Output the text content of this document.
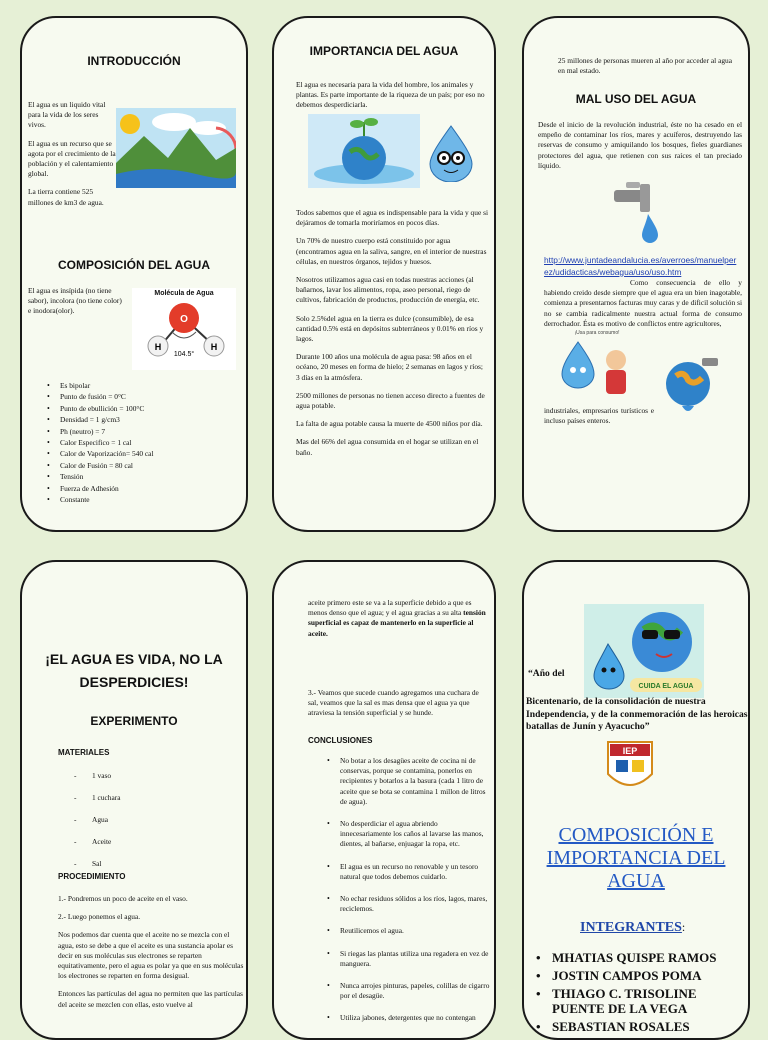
INTRODUCCIÓN
El agua es un liquido vital para la vida de los seres vivos.
El agua es un recurso que se agota por el crecimiento de la población y el calentamiento global.
La tierra contiene 525 millones de km3 de agua.
COMPOSICIÓN DEL AGUA
El agua es insípida (no tiene sabor), incolora (no tiene color) e inodora(olor).
Molécula de Agua
O
H	H
104.5°
• Es bipolar
• Punto de fusión = 0°C
• Punto de ebullición = 100°C
• Densidad = 1 g/cm3
• Ph (neutro) = 7
• Calor Especifico = 1 cal
• Calor de Vaporización= 540 cal
• Calor de Fusión = 80 cal
• Tensión
• Fuerza de Adhesión
• Constante
IMPORTANCIA DEL AGUA
El agua es necesaria para la vida del hombre, los animales y plantas. Es parte importante de la riqueza de un país; por eso no debemos desperdiciarla.
Todos sabemos que el agua es indispensable para la vida y que si dejáramos de tomarla moriríamos en pocos días.
Un 70% de nuestro cuerpo está constituido por agua (encontramos agua en la saliva, sangre, en el interior de nuestras células, en nuestros órganos, tejidos y huesos.
Nosotros utilizamos agua casi en todas nuestras acciones (al bañarnos, lavar los alimentos, ropa, aseo personal, riego de cultivos, fabricación de productos, producción de energía, etc.
Solo 2.5%del agua en la tierra es dulce (consumible), de esa cantidad 0.5% está en depósitos subterráneos y 0.01% en ríos y lagos.
Durante 100 años una molécula de agua pasa: 98 años en el océano, 20 meses en forma de hielo; 2 semanas en lagos y ríos; 3 días en la atmósfera.
2500 millones de personas no tienen acceso directo a fuentes de agua potable.
La falta de agua potable causa la muerte de 4500 niños por día.
Mas del 66% del agua consumida en el hogar se utilizan en el baño.
25 millones de personas mueren al año por acceder al agua en mal estado.
MAL USO DEL AGUA
Desde el inicio de la revolución industrial, éste no ha cesado en el empeño de contaminar los ríos, mares y acuíferos, destruyendo las reservas de consumo y amiquilando los bosques, fieles guardianes protectores del agua, que retienen con sus raíces el tan preciado líquido.
http://www.juntadeandalucia.es/averroes/manuelperez/udidacticas/webagua/uso/uso.htm
Como consecuencia de ello y habiendo creido desde siempre que el agua era un bien inagotable, comienza a presentarnos facturas muy caras y de dificil solución si no se cambia radicalmente nuestra actual forma de consumo derrochador. Ésta es motivo de conflictos entre agricultores,
¡Usa para consumo!
industriales, empresarios turísticos e incluso países enteros.
¡EL AGUA ES VIDA, NO LA DESPERDICIES!
EXPERIMENTO
MATERIALES
- 1 vaso
- 1 cuchara
- Agua
- Aceite
- Sal
PROCEDIMIENTO
1.- Pondremos un poco de aceite en el vaso.
2.- Luego ponemos el agua.
Nos podemos dar cuenta que el aceite no se mezcla con el agua, esto se debe a que el aceite es una sustancia apolar es decir en sus moléculas sus electrones se reparten equitativamente, pero el agua es polar ya que en sus moléculas los electrones se reparten en forma desigual.
Entonces las partículas del agua no permiten que las partículas del aceite se mezclen con ellas, esto vuelve al
aceite primero este se va a la superficie debido a que es menos denso que el agua; y el agua gracias a su alta tensión superficial es capaz de mantenerlo en la superficie al aceite.
3.- Veamos que sucede cuando agregamos una cuchara de sal, veamos que la sal es mas densa que el agua ya que atraviesa la tensión superficial y se hunde.
CONCLUSIONES
• No botar a los desagües aceite de cocina ni de conservas, porque se contamina, ponerlos en recipientes y botarlos a la basura (cada 1 litro de aceite que se bota se contamina 1 millon de litros de agua).
• No desperdiciar el agua abriendo innecesariamente los caños al lavarse las manos, dientes, al bañarse, enjuagar la ropa, etc.
• El agua es un recurso no renovable y un tesoro natural que todos debemos cuidarlo.
• No echar residuos sólidos a los ríos, lagos, mares, reciclemos.
• Reutilicemos el agua.
• Si riegas las plantas utiliza una regadera en vez de manguera.
• Nunca arrojes pinturas, papeles, colillas de cigarro por el desagüe.
• Utiliza jabones, detergentes que no contengan
CUIDA EL AGUA
“Año del
Bicentenario, de la consolidación de nuestra Independencia, y de la conmemoración de las heroicas batallas de Junín y Ayacucho”
IEP
COMPOSICIÓN E IMPORTANCIA DEL AGUA
INTEGRANTES:
• MHATIAS QUISPE RAMOS
• JOSTIN CAMPOS POMA
• THIAGO C. TRISOLINE PUENTE DE LA VEGA
• SEBASTIAN ROSALES
